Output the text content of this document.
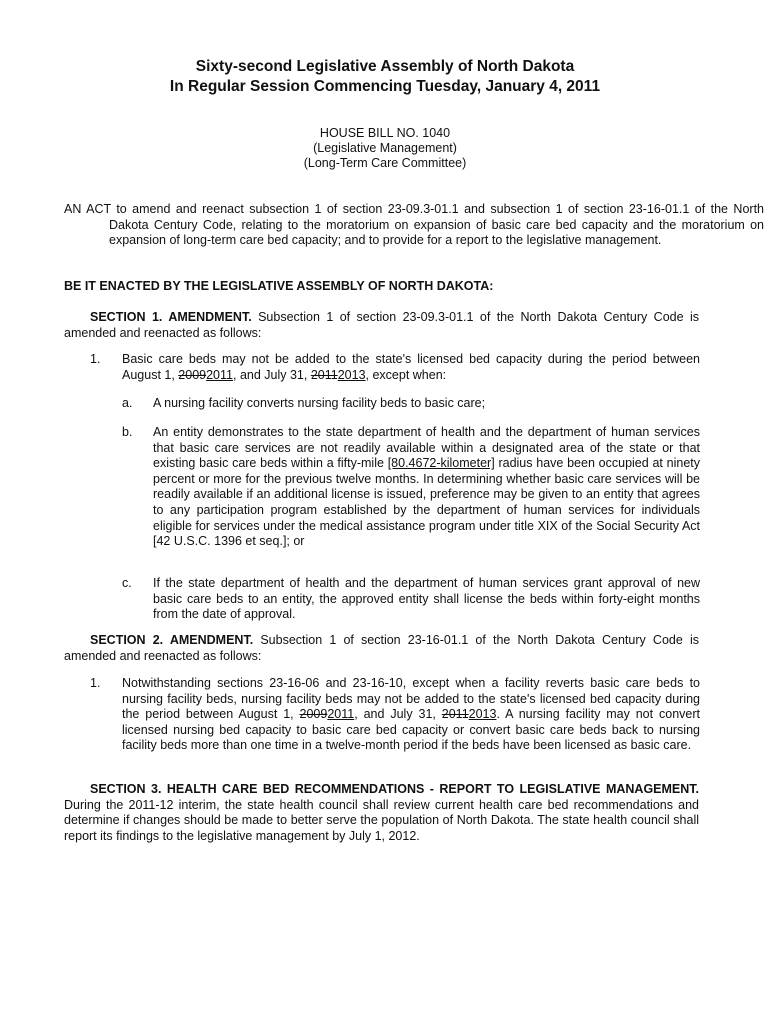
Sixty-second Legislative Assembly of North Dakota
In Regular Session Commencing Tuesday, January 4, 2011
HOUSE BILL NO. 1040
(Legislative Management)
(Long-Term Care Committee)

AN ACT to amend and reenact subsection 1 of section 23-09.3-01.1 and subsection 1 of section 23-16-01.1 of the North Dakota Century Code, relating to the moratorium on expansion of basic care bed capacity and the moratorium on expansion of long-term care bed capacity; and to provide for a report to the legislative management.

BE IT ENACTED BY THE LEGISLATIVE ASSEMBLY OF NORTH DAKOTA:

SECTION 1. AMENDMENT. Subsection 1 of section 23-09.3-01.1 of the North Dakota Century Code is amended and reenacted as follows:

1. Basic care beds may not be added to the state's licensed bed capacity during the period between August 1, 20092011, and July 31, 20112013, except when:

a. A nursing facility converts nursing facility beds to basic care;

b. An entity demonstrates to the state department of health and the department of human services that basic care services are not readily available within a designated area of the state or that existing basic care beds within a fifty-mile [80.4672-kilometer] radius have been occupied at ninety percent or more for the previous twelve months. In determining whether basic care services will be readily available if an additional license is issued, preference may be given to an entity that agrees to any participation program established by the department of human services for individuals eligible for services under the medical assistance program under title XIX of the Social Security Act [42 U.S.C. 1396 et seq.]; or

c. If the state department of health and the department of human services grant approval of new basic care beds to an entity, the approved entity shall license the beds within forty-eight months from the date of approval.

SECTION 2. AMENDMENT. Subsection 1 of section 23-16-01.1 of the North Dakota Century Code is amended and reenacted as follows:

1. Notwithstanding sections 23-16-06 and 23-16-10, except when a facility reverts basic care beds to nursing facility beds, nursing facility beds may not be added to the state's licensed bed capacity during the period between August 1, 20092011, and July 31, 20112013. A nursing facility may not convert licensed nursing bed capacity to basic care bed capacity or convert basic care beds back to nursing facility beds more than one time in a twelve-month period if the beds have been licensed as basic care.

SECTION 3. HEALTH CARE BED RECOMMENDATIONS - REPORT TO LEGISLATIVE MANAGEMENT. During the 2011-12 interim, the state health council shall review current health care bed recommendations and determine if changes should be made to better serve the population of North Dakota. The state health council shall report its findings to the legislative management by July 1, 2012.
